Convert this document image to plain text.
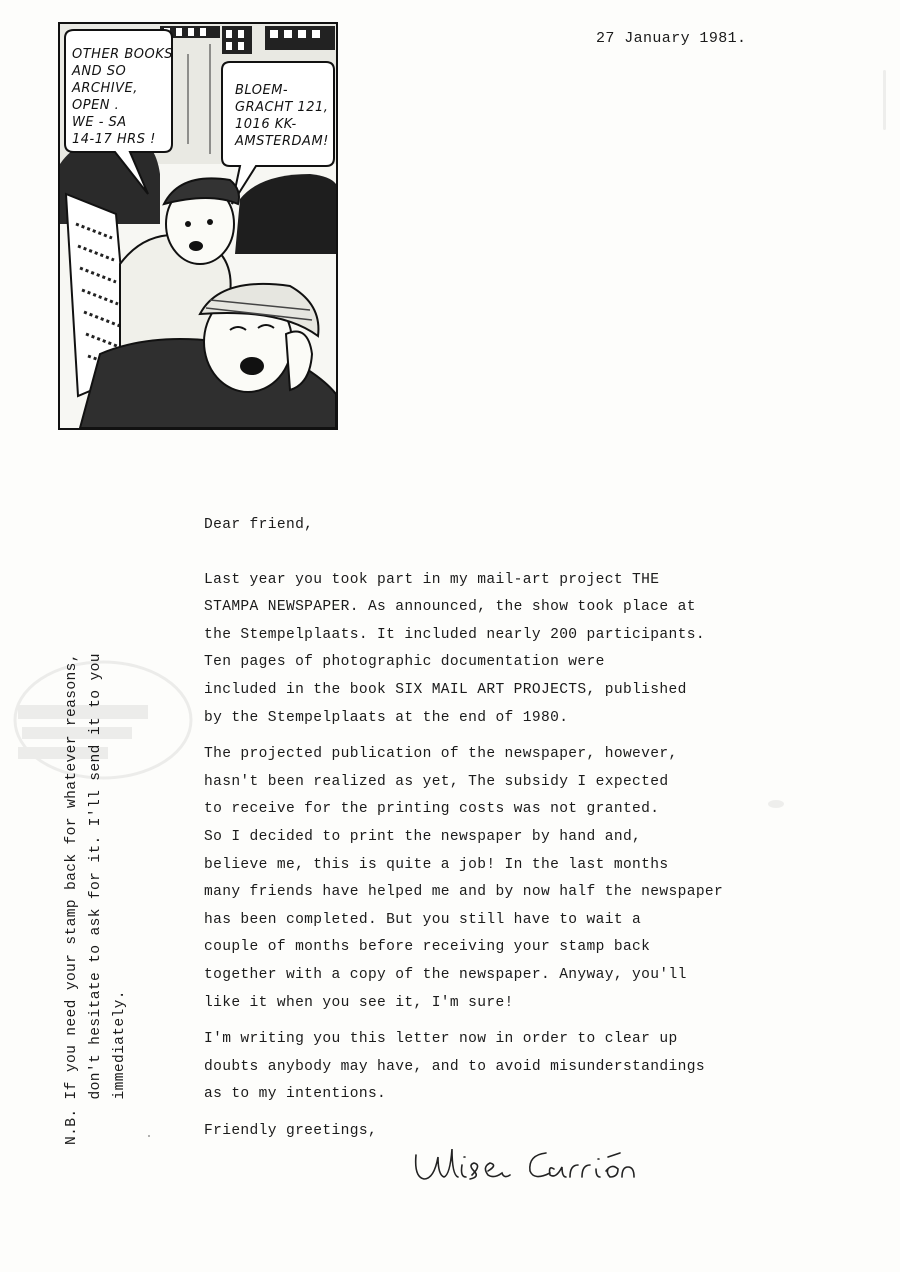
OTHER BOOKS
AND SO
ARCHIVE,
OPEN .
WE - SA
14-17 HRS !
BLOEM-
GRACHT 121,
1016 KK-
AMSTERDAM!
27 January 1981.

Dear friend,

Last year you took part in my mail-art project THE

STAMPA NEWSPAPER. As announced, the show took place at

the Stempelplaats. It included nearly 200 participants.

Ten pages of photographic documentation were

included in the book SIX MAIL ART PROJECTS, published

by the Stempelplaats at the end of 1980.

The projected publication of the newspaper, however,

hasn't been realized as yet, The subsidy I expected

to receive for the printing costs was not granted.

So I decided to print the newspaper by hand and,

believe me, this is quite a job! In the last months

many friends have helped me and by now half the newspaper

has been completed. But you still have to wait a

couple of months before receiving your stamp back

together with a copy of the newspaper. Anyway, you'll

like it when you see it, I'm sure!

I'm writing you this letter now in order to clear up

doubts anybody may have, and to avoid misunderstandings

as to my intentions.

Friendly greetings,

N.B. If you need your stamp back for whatever reasons, don't hesitate to ask for it. I'll send it to you immediately.
